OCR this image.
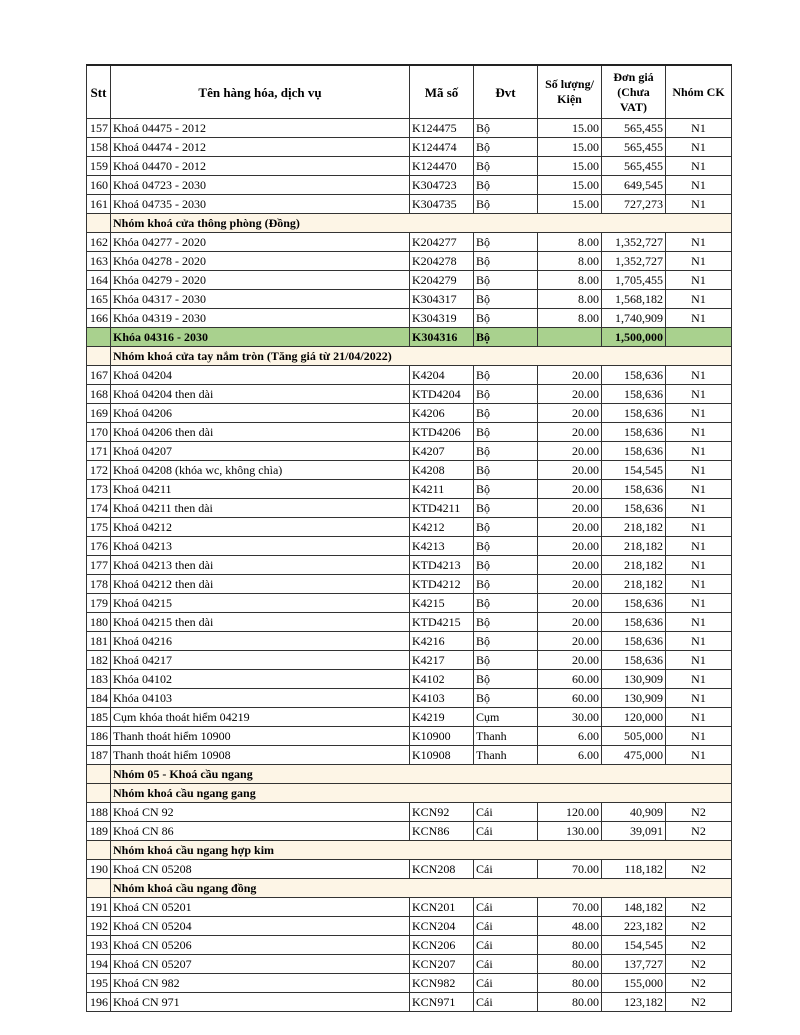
Stt	Tên hàng hóa, dịch vụ	Mã số	Đvt	Số lượng/ Kiện	Đơn giá (Chưa VAT)	Nhóm CK
157	Khoá 04475 - 2012	K124475	Bộ	15.00	565,455	N1
158	Khoá 04474 - 2012	K124474	Bộ	15.00	565,455	N1
159	Khoá 04470 - 2012	K124470	Bộ	15.00	565,455	N1
160	Khoá 04723 - 2030	K304723	Bộ	15.00	649,545	N1
161	Khoá 04735 - 2030	K304735	Bộ	15.00	727,273	N1
	Nhóm khoá cửa thông phòng (Đồng)					
162	Khóa 04277 - 2020	K204277	Bộ	8.00	1,352,727	N1
163	Khóa 04278 - 2020	K204278	Bộ	8.00	1,352,727	N1
164	Khóa 04279 - 2020	K204279	Bộ	8.00	1,705,455	N1
165	Khóa 04317 - 2030	K304317	Bộ	8.00	1,568,182	N1
166	Khóa 04319 - 2030	K304319	Bộ	8.00	1,740,909	N1
	Khóa 04316 - 2030	K304316	Bộ		1,500,000	
	Nhóm khoá cửa tay nắm tròn (Tăng giá từ 21/04/2022)					
167	Khoá 04204	K4204	Bộ	20.00	158,636	N1
168	Khoá 04204 then dài	KTD4204	Bộ	20.00	158,636	N1
169	Khoá 04206	K4206	Bộ	20.00	158,636	N1
170	Khoá 04206 then dài	KTD4206	Bộ	20.00	158,636	N1
171	Khoá 04207	K4207	Bộ	20.00	158,636	N1
172	Khoá 04208 (khóa wc, không chìa)	K4208	Bộ	20.00	154,545	N1
173	Khoá 04211	K4211	Bộ	20.00	158,636	N1
174	Khoá 04211 then dài	KTD4211	Bộ	20.00	158,636	N1
175	Khoá 04212	K4212	Bộ	20.00	218,182	N1
176	Khoá 04213	K4213	Bộ	20.00	218,182	N1
177	Khoá 04213 then dài	KTD4213	Bộ	20.00	218,182	N1
178	Khoá 04212 then dài	KTD4212	Bộ	20.00	218,182	N1
179	Khoá 04215	K4215	Bộ	20.00	158,636	N1
180	Khoá 04215 then dài	KTD4215	Bộ	20.00	158,636	N1
181	Khoá 04216	K4216	Bộ	20.00	158,636	N1
182	Khoá 04217	K4217	Bộ	20.00	158,636	N1
183	Khóa 04102	K4102	Bộ	60.00	130,909	N1
184	Khóa 04103	K4103	Bộ	60.00	130,909	N1
185	Cụm khóa thoát hiểm 04219	K4219	Cụm	30.00	120,000	N1
186	Thanh thoát hiểm 10900	K10900	Thanh	6.00	505,000	N1
187	Thanh thoát hiểm 10908	K10908	Thanh	6.00	475,000	N1
	Nhóm 05 - Khoá cầu ngang					
	Nhóm khoá cầu ngang gang					
188	Khoá CN 92	KCN92	Cái	120.00	40,909	N2
189	Khoá CN 86	KCN86	Cái	130.00	39,091	N2
	Nhóm khoá cầu ngang hợp kim					
190	Khoá CN 05208	KCN208	Cái	70.00	118,182	N2
	Nhóm khoá cầu ngang đồng					
191	Khoá CN 05201	KCN201	Cái	70.00	148,182	N2
192	Khoá CN 05204	KCN204	Cái	48.00	223,182	N2
193	Khoá CN 05206	KCN206	Cái	80.00	154,545	N2
194	Khoá CN 05207	KCN207	Cái	80.00	137,727	N2
195	Khoá CN 982	KCN982	Cái	80.00	155,000	N2
196	Khoá CN 971	KCN971	Cái	80.00	123,182	N2
